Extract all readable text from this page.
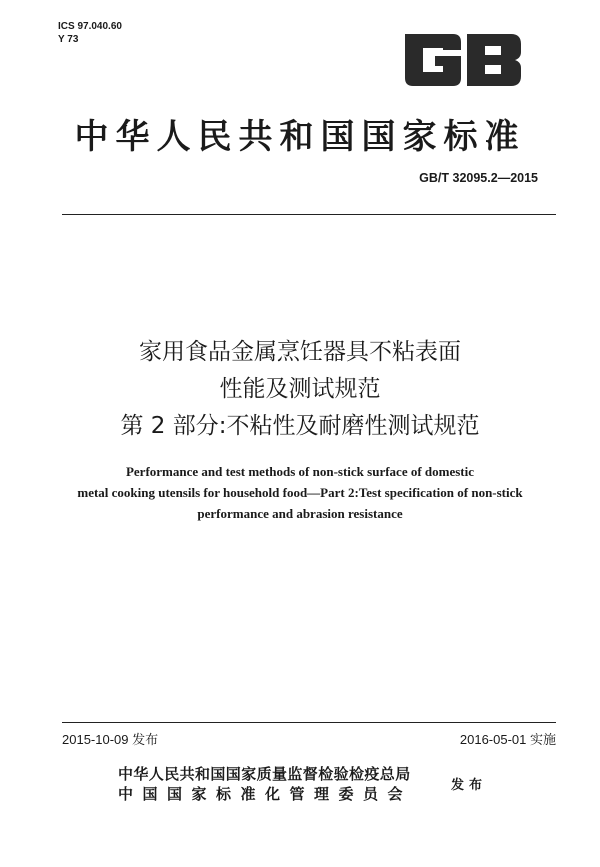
ICS 97.040.60
Y 73
中华人民共和国国家标准
GB/T 32095.2—2015
家用食品金属烹饪器具不粘表面
性能及测试规范
第 2 部分:不粘性及耐磨性测试规范
Performance and test methods of non-stick surface of domestic
metal cooking utensils for household food—Part 2:Test specification of non-stick
performance and abrasion resistance
2015-10-09 发布	2016-05-01 实施
中华人民共和国国家质量监督检验检疫总局
中国国家标准化管理委员会	发布
